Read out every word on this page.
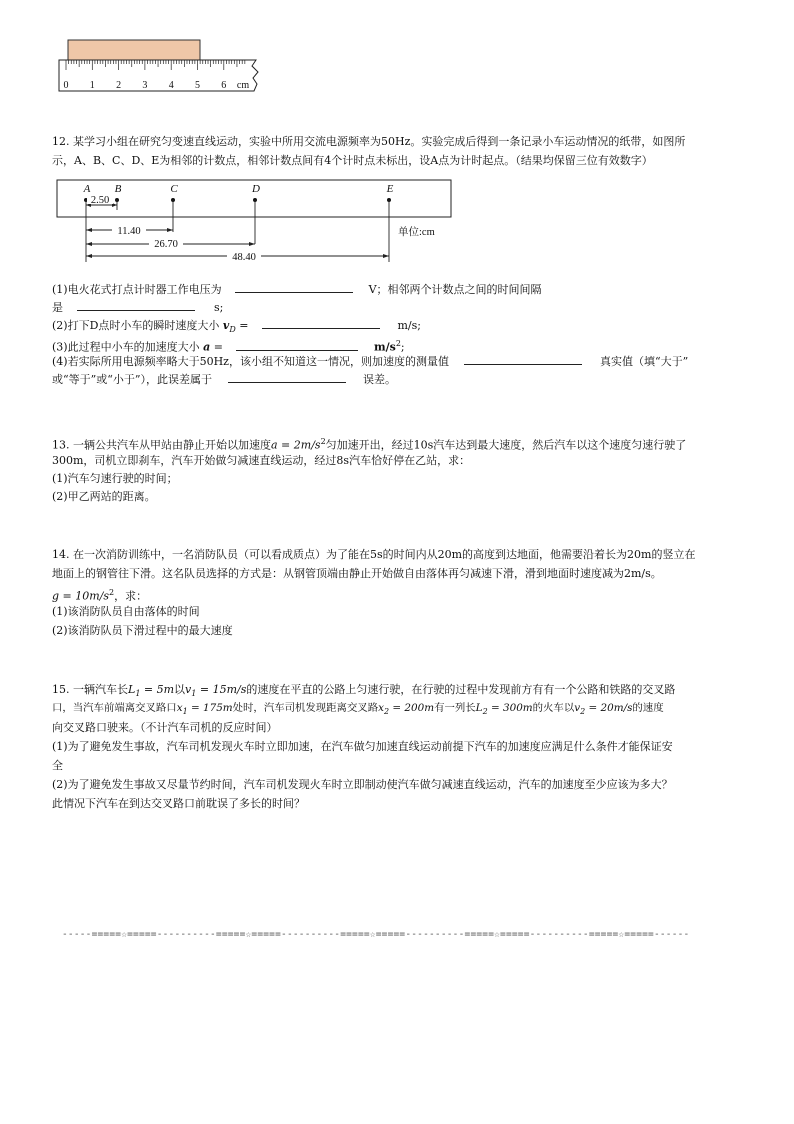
0 1 2 3 4 5 6 cm
12. 某学习小组在研究匀变速直线运动，实验中所用交流电源频率为50Hz。实验完成后得到一条记录小车运动情况的纸带，如图所
示，A、B、C、D、E为相邻的计数点，相邻计数点间有4个计时点未标出，设A点为计时起点。（结果均保留三位有效数字）
A B	C	D	E
2.50
11.40
26.70
48.40
单位:cm
(1)电火花式打点计时器工作电压为	V；相邻两个计数点之间的时间间隔
是	s;
(2)打下D点时小车的瞬时速度大小 $v_D$ =	m/s;
(3)此过程中小车的加速度大小 a =	$m/s^2$;
(4)若实际所用电源频率略大于50Hz，该小组不知道这一情况，则加速度的测量值	真实值（填“大于”
或“等于”或“小于”），此误差属于	误差。
13. 一辆公共汽车从甲站由静止开始以加速度$a = 2m/s^2$匀加速开出，经过10s汽车达到最大速度，然后汽车以这个速度匀速行驶了
300m，司机立即刹车，汽车开始做匀减速直线运动，经过8s汽车恰好停在乙站，求：
(1)汽车匀速行驶的时间；
(2)甲乙两站的距离。
14. 在一次消防训练中，一名消防队员（可以看成质点）为了能在5s的时间内从20m的高度到达地面，他需要沿着长为20m的竖立在
地面上的钢管往下滑。这名队员选择的方式是：从钢管顶端由静止开始做自由落体再匀减速下滑，滑到地面时速度减为2m/s。
$g = 10m/s^2$，求：
(1)该消防队员自由落体的时间
(2)该消防队员下滑过程中的最大速度
15. 一辆汽车长$L_1 = 5m$以$v_1 = 15m/s$的速度在平直的公路上匀速行驶，在行驶的过程中发现前方有有一个公路和铁路的交叉路
口，当汽车前端离交叉路口$x_1 = 175m$处时，汽车司机发现距离交叉路$x_2 = 200m$有一列长$L_2 = 300m$的火车以$v_2 = 20m/s$的速度
向交叉路口驶来。（不计汽车司机的反应时间）
(1)为了避免发生事故，汽车司机发现火车时立即加速，在汽车做匀加速直线运动前提下汽车的加速度应满足什么条件才能保证安
全
(2)为了避免发生事故又尽量节约时间，汽车司机发现火车时立即制动使汽车做匀减速直线运动，汽车的加速度至少应该为多大？
此情况下汽车在到达交叉路口前耽误了多长的时间？
-----=====☆=====----------=====☆=====----------=====☆=====----------=====☆=====----------=====☆=====------
